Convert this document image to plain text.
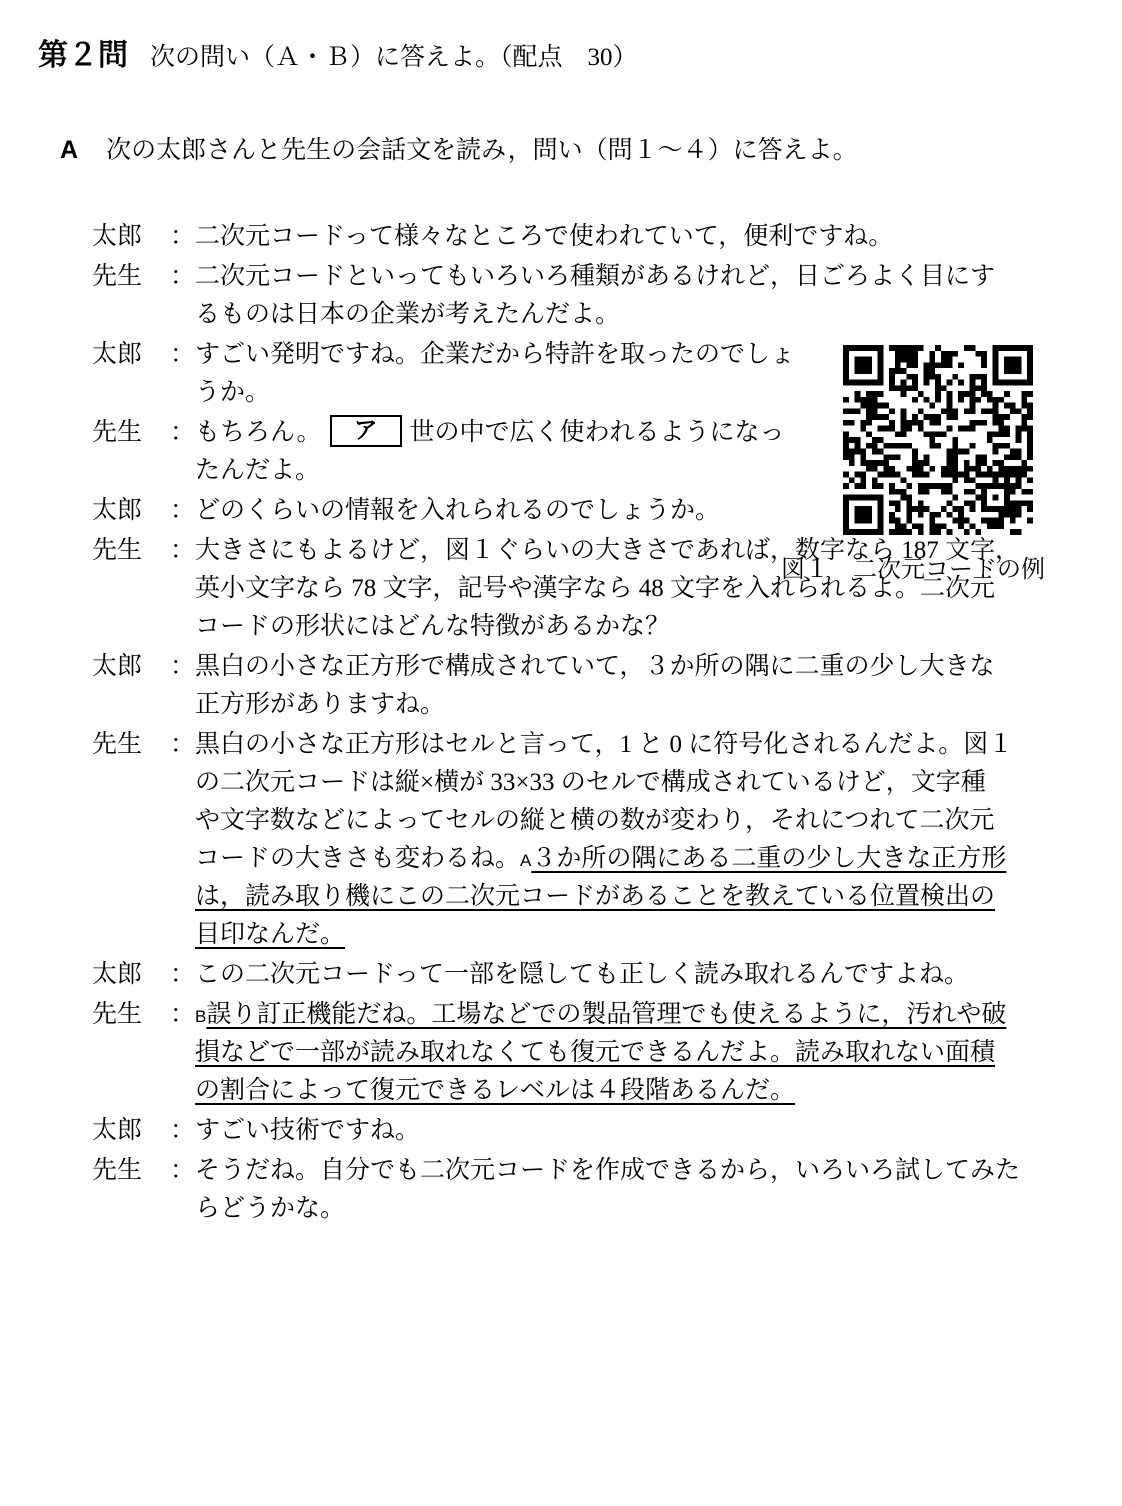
第２問 次の問い（Ａ・Ｂ）に答えよ。（配点　30）
A 次の太郎さんと先生の会話文を読み，問い（問１〜４）に答えよ。
図１　二次元コードの例
太郎	： 二次元コードって様々なところで使われていて，便利ですね。

先生	： 二次元コードといってもいろいろ種類があるけれど，日ごろよく目にす

るものは日本の企業が考えたんだよ。

太郎	： すごい発明ですね。企業だから特許を取ったのでしょ

うか。

先生	： もちろん。 ア 世の中で広く使われるようになっ

たんだよ。

太郎	： どのくらいの情報を入れられるのでしょうか。

先生	： 大きさにもよるけど，図１ぐらいの大きさであれば，数字なら 187 文字，

英小文字なら 78 文字，記号や漢字なら 48 文字を入れられるよ。二次元

コードの形状にはどんな特徴があるかな？

太郎	： 黒白の小さな正方形で構成されていて，３か所の隅に二重の少し大きな

正方形がありますね。

先生	： 黒白の小さな正方形はセルと言って，1 と 0 に符号化されるんだよ。図１

の二次元コードは縦×横が 33×33 のセルで構成されているけど，文字種

や文字数などによってセルの縦と横の数が変わり，それにつれて二次元

コードの大きさも変わるね。A３か所の隅にある二重の少し大きな正方形

は，読み取り機にこの二次元コードがあることを教えている位置検出の

目印なんだ。

太郎	： この二次元コードって一部を隠しても正しく読み取れるんですよね。

先生	： B誤り訂正機能だね。工場などでの製品管理でも使えるように，汚れや破

損などで一部が読み取れなくても復元できるんだよ。読み取れない面積

の割合によって復元できるレベルは４段階あるんだ。

太郎	： すごい技術ですね。

先生	： そうだね。自分でも二次元コードを作成できるから，いろいろ試してみた

らどうかな。
